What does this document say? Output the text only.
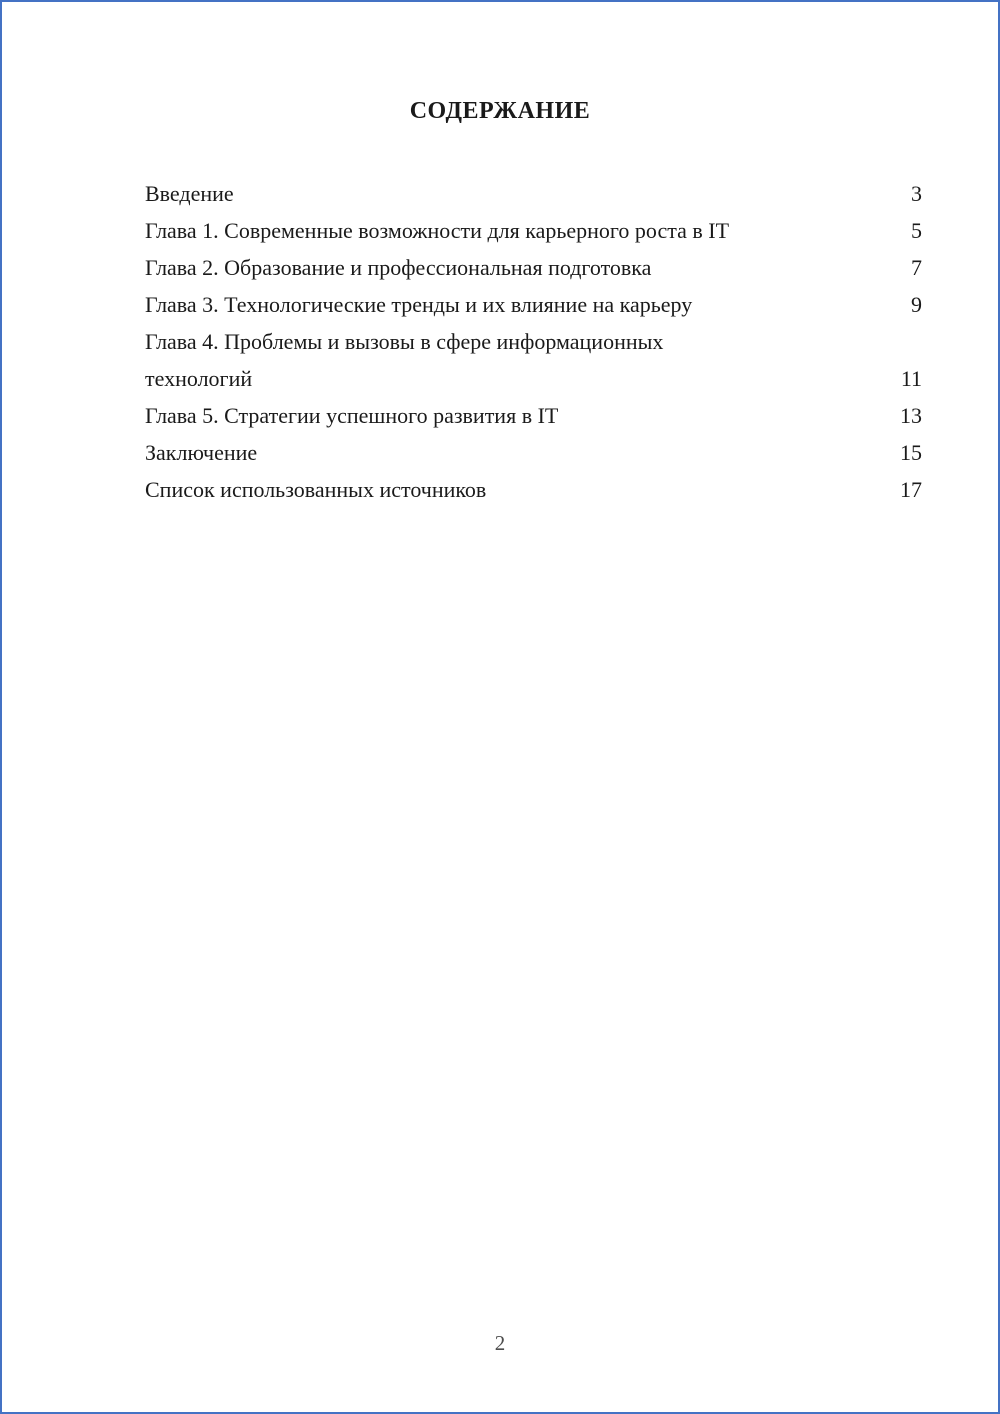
СОДЕРЖАНИЕ
Введение	3
Глава 1. Современные возможности для карьерного роста в IT	5
Глава 2. Образование и профессиональная подготовка	7
Глава 3. Технологические тренды и их влияние на карьеру	9
Глава 4. Проблемы и вызовы в сфере информационных технологий	11
Глава 5. Стратегии успешного развития в IT	13
Заключение	15
Список использованных источников	17
2
